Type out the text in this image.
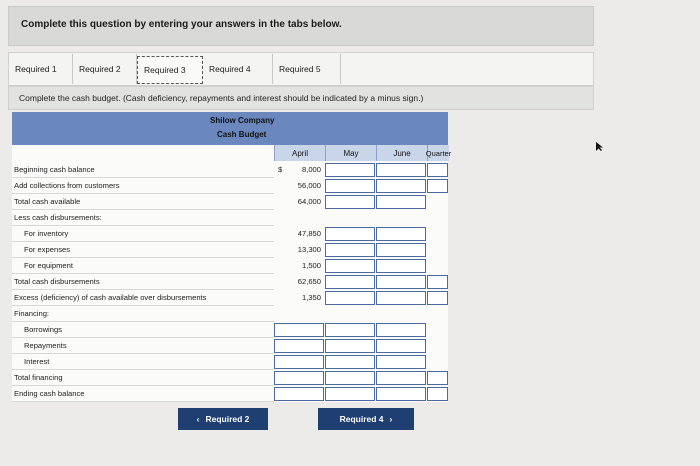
Complete this question by entering your answers in the tabs below.
Required 1	Required 2	Required 3	Required 4	Required 5
Complete the cash budget. (Cash deficiency, repayments and interest should be indicated by a minus sign.)
Shilow Company
Cash Budget
April	May	June	Quarter
Beginning cash balance	8,000
Add collections from customers	56,000
Total cash available	64,000
Less cash disbursements:
For inventory	47,850
For expenses	13,300
For equipment	1,500
Total cash disbursements	62,650
Excess (deficiency) of cash available over disbursements	1,350
Financing:
Borrowings
Repayments
Interest
Total financing
Ending cash balance
$
‹ Required 2	Required 4 ›
